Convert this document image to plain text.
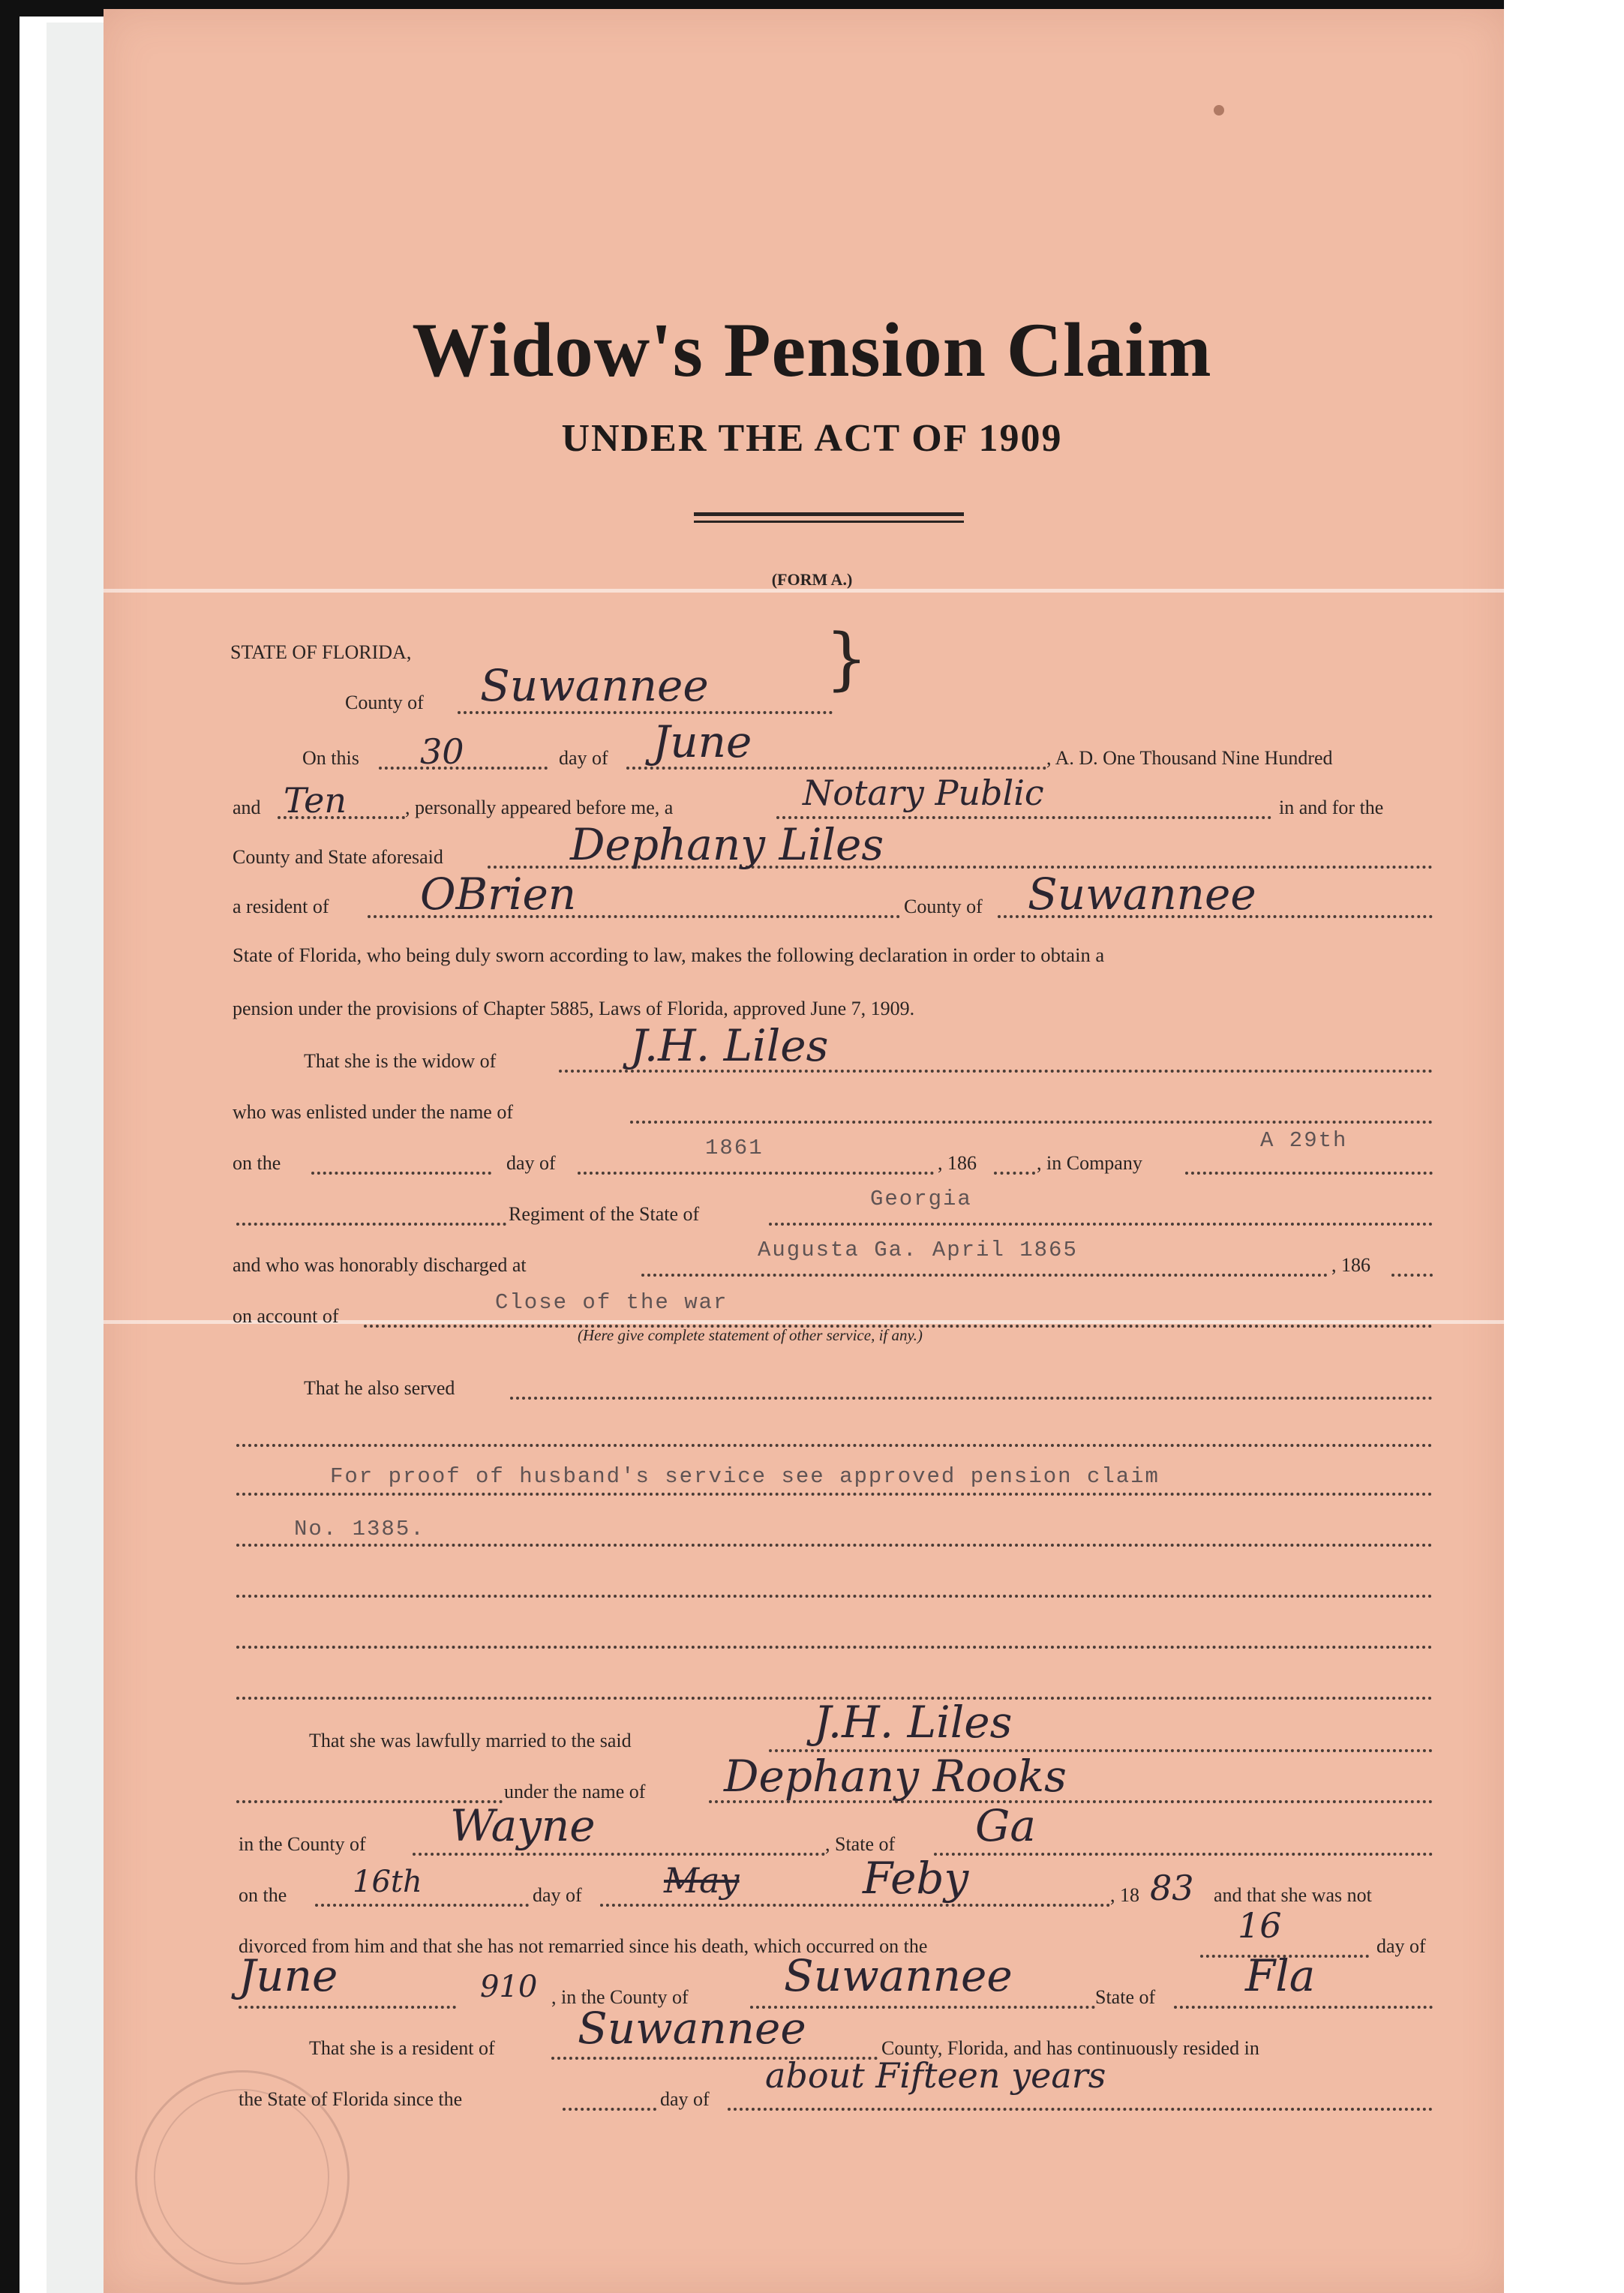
Widow's Pension Claim
UNDER THE ACT OF 1909
(FORM A.)
STATE OF FLORIDA,
County of Suwannee }
On this 30	day of June	, A. D. One Thousand Nine Hundred
and Ten	, personally appeared before me, a	Notary Public	in and for the
County and State aforesaid	Dephany Liles
a resident of OBrien	County of Suwannee
State of Florida, who being duly sworn according to law, makes the following declaration in order to obtain a
pension under the provisions of Chapter 5885, Laws of Florida, approved June 7, 1909.
That she is the widow of	J.H. Liles
who was enlisted under the name of
on the	day of
1861
, 186	, in Company
A 29th
Regiment of the State of
Georgia
and who was honorably discharged at
Augusta Ga. April 1865
, 186
on account of
Close of the war
(Here give complete statement of other service, if any.)
That he also served
For proof of husband's service see approved pension claim
No. 1385.
That she was lawfully married to the said	J.H. Liles
under the name of Dephany Rooks
in the County of Wayne	, State of Ga
on the 16th	day of May	Feby	, 18 83 and that she was not
divorced from him and that she has not remarried since his death, which occurred on the
16
day of
June	910 , in the County of Suwannee	State of Fla
That she is a resident of Suwannee	County, Florida, and has continuously resided in
the State of Florida since the	day of
about Fifteen years
